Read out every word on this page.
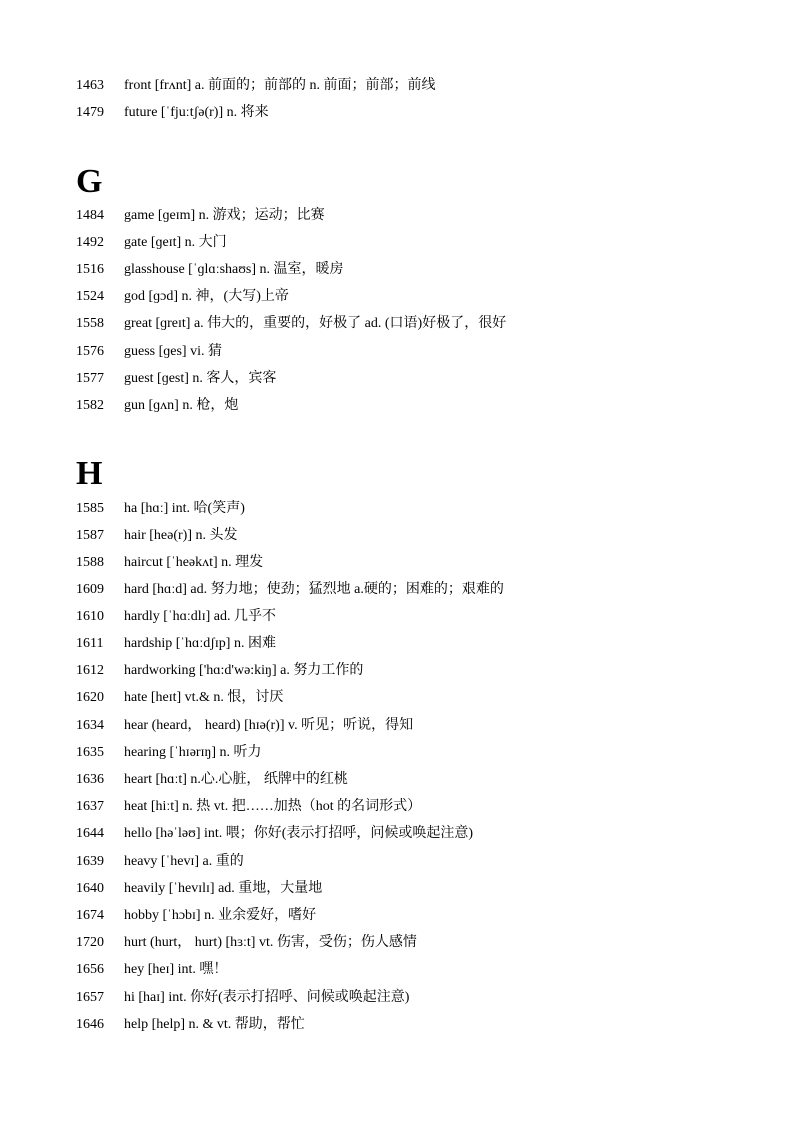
1463 front [frʌnt] a. 前面的；前部的 n. 前面；前部；前线
1479 future [ˈfjuːtʃə(r)] n. 将来
G
1484 game [ɡeɪm] n. 游戏；运动；比赛
1492 gate [ɡeɪt] n. 大门
1516 glasshouse [ˈɡlɑːshaʊs] n. 温室，暖房
1524 god [ɡɔd] n. 神，(大写)上帝
1558 great [ɡreɪt] a. 伟大的，重要的，好极了 ad. (口语)好极了，很好
1576 guess [ɡes] vi. 猜
1577 guest [ɡest] n. 客人，宾客
1582 gun [ɡʌn] n. 枪，炮
H
1585 ha [hɑː] int. 哈(笑声)
1587 hair [heə(r)] n. 头发
1588 haircut [ˈheəkʌt] n. 理发
1609 hard [hɑːd] ad. 努力地；使劲；猛烈地 a.硬的；困难的；艰难的
1610 hardly [ˈhɑːdlɪ] ad. 几乎不
1611 hardship [ˈhɑːdʃɪp] n. 困难
1612 hardworking ['hɑ:d'wə:kiŋ] a. 努力工作的
1620 hate [heɪt] vt.& n. 恨，讨厌
1634 hear (heard， heard) [hɪə(r)] v. 听见；听说，得知
1635 hearing [ˈhɪərɪŋ] n. 听力
1636 heart [hɑːt] n.心.心脏， 纸牌中的红桃
1637 heat [hiːt] n. 热 vt. 把……加热（hot 的名词形式）
1644 hello [həˈləʊ] int. 喂；你好(表示打招呼，问候或唤起注意)
1639 heavy [ˈhevɪ] a. 重的
1640 heavily [ˈhevɪlɪ] ad. 重地，大量地
1674 hobby [ˈhɔbɪ] n. 业余爱好，嗜好
1720 hurt (hurt， hurt) [hɜːt] vt. 伤害，受伤；伤人感情
1656 hey [heɪ] int. 嘿！
1657 hi [haɪ] int. 你好(表示打招呼、问候或唤起注意)
1646 help [help] n. & vt. 帮助，帮忙
